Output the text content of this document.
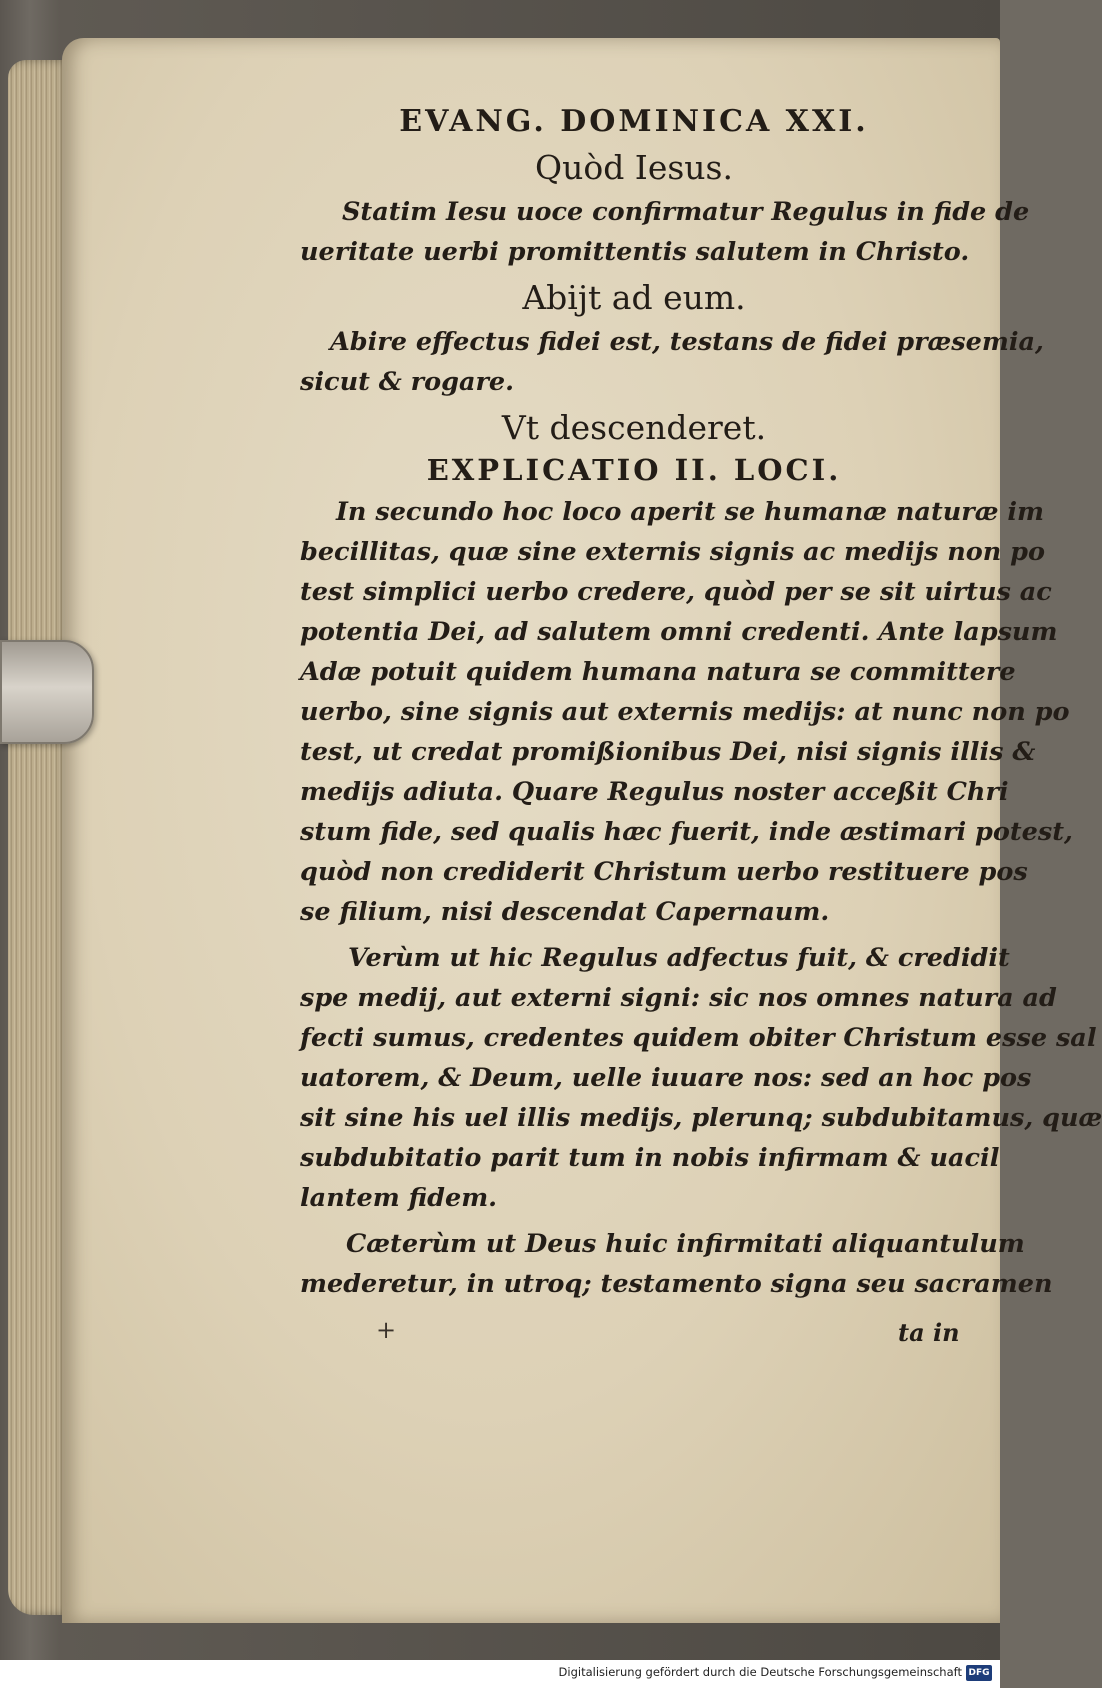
EVANG. DOMINICA XXI.
Quòd Iesus.
Statim Iesu uoce confirmatur Regulus in fide de
ueritate uerbi promittentis salutem in Christo.
Abijt ad eum.
Abire effectus fidei est, testans de fidei præsemia,
sicut & rogare.
Vt descenderet.
EXPLICATIO II. LOCI.
In secundo hoc loco aperit se humanæ naturæ im
becillitas, quæ sine externis signis ac medijs non po
test simplici uerbo credere, quòd per se sit uirtus ac
potentia Dei, ad salutem omni credenti. Ante lapsum
Adæ potuit quidem humana natura se committere
uerbo, sine signis aut externis medijs: at nunc non po
test, ut credat promißionibus Dei, nisi signis illis &
medijs adiuta. Quare Regulus noster acceßit Chri
stum fide, sed qualis hæc fuerit, inde æstimari potest,
quòd non crediderit Christum uerbo restituere pos
se filium, nisi descendat Capernaum.
Verùm ut hic Regulus adfectus fuit, & credidit
spe medij, aut externi signi: sic nos omnes natura ad
fecti sumus, credentes quidem obiter Christum esse sal
uatorem, & Deum, uelle iuuare nos: sed an hoc pos
sit sine his uel illis medijs, plerunq; subdubitamus, quæ
subdubitatio parit tum in nobis infirmam & uacil
lantem fidem.
Cæterùm ut Deus huic infirmitati aliquantulum
mederetur, in utroq; testamento signa seu sacramen
+	ta in
Digitalisierung gefördert durch die Deutsche Forschungsgemeinschaft DFG
